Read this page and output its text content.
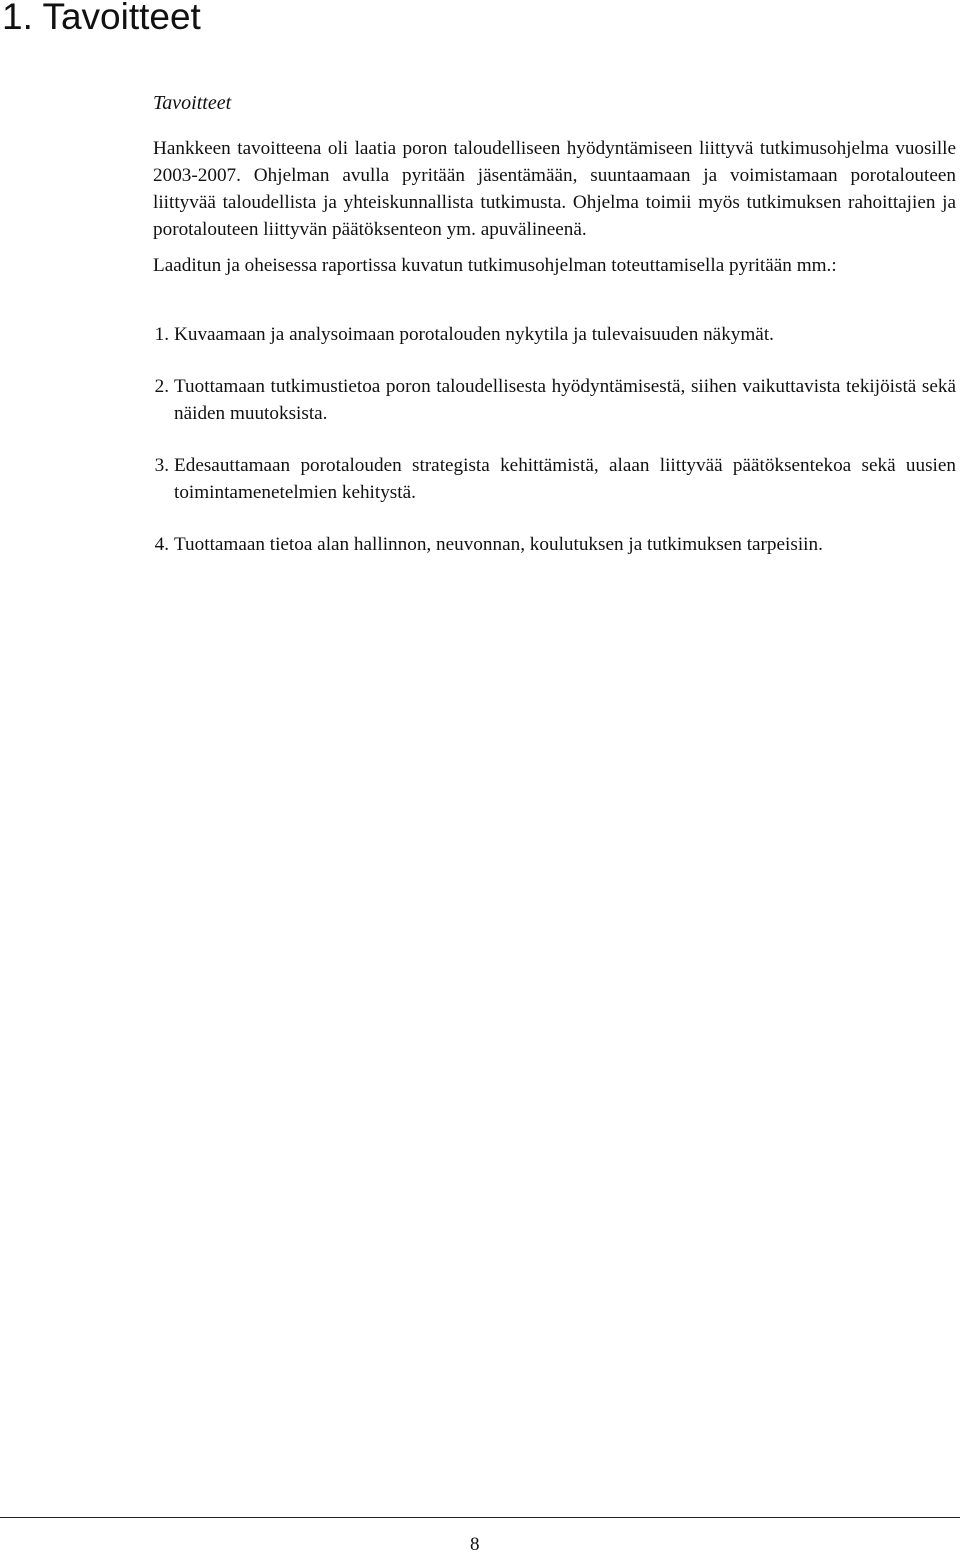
1. Tavoitteet
Tavoitteet

Hankkeen tavoitteena oli laatia poron taloudelliseen hyödyntämiseen liittyvä tutkimusohjelma vuosille 2003-2007. Ohjelman avulla pyritään jäsentämään, suuntaamaan ja voimistamaan porotalouteen liittyvää taloudellista ja yhteiskunnallista tutkimusta. Ohjelma toimii myös tutkimuksen rahoittajien ja porotalouteen liittyvän päätöksenteon ym. apuvälineenä.

Laaditun ja oheisessa raportissa kuvatun tutkimusohjelman toteuttamisella pyritään mm.:

1. Kuvaamaan ja analysoimaan porotalouden nykytila ja tulevaisuuden näkymät.
2. Tuottamaan tutkimustietoa poron taloudellisesta hyödyntämisestä, siihen vaikuttavista tekijöistä sekä näiden muutoksista.
3. Edesauttamaan porotalouden strategista kehittämistä, alaan liittyvää päätöksentekoa sekä uusien toimintamenetelmien kehitystä.
4. Tuottamaan tietoa alan hallinnon, neuvonnan, koulutuksen ja tutkimuksen tarpeisiin.
8
